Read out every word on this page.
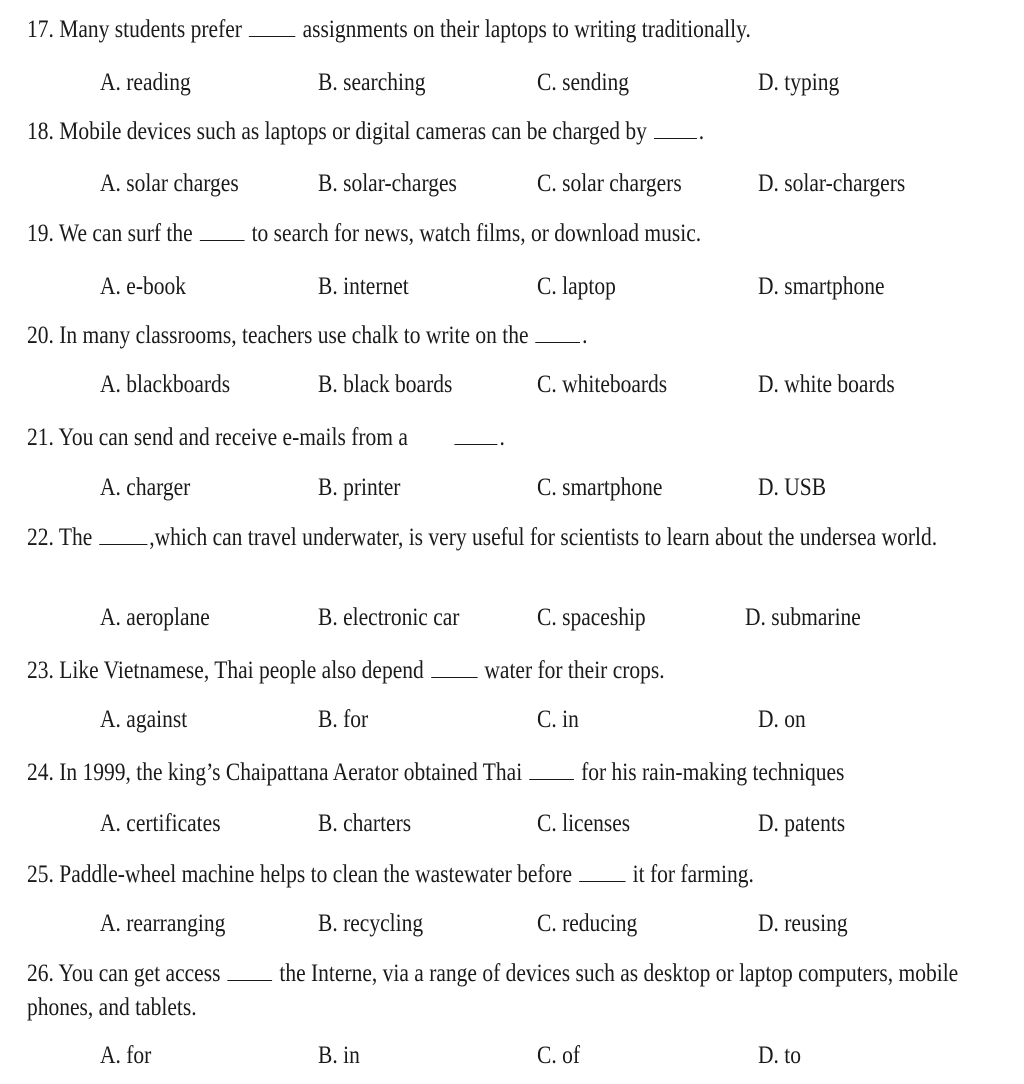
17. Many students prefer assignments on their laptops to writing traditionally.
A. reading	B. searching	C. sending	D. typing
18. Mobile devices such as laptops or digital cameras can be charged by .
A. solar charges	B. solar-charges	C. solar chargers	D. solar-chargers
19. We can surf the to search for news, watch films, or download music.
A. e-book	B. internet	C. laptop	D. smartphone
20. In many classrooms, teachers use chalk to write on the .
A. blackboards	B. black boards	C. whiteboards	D. white boards
21. You can send and receive e-mails from a	.
A. charger	B. printer	C. smartphone	D. USB
22. The ,which can travel underwater, is very useful for scientists to learn about the undersea world.
A. aeroplane	B. electronic car	C. spaceship	D. submarine
23. Like Vietnamese, Thai people also depend water for their crops.
A. against	B. for	C. in	D. on
24. In 1999, the king’s Chaipattana Aerator obtained Thai for his rain-making techniques
A. certificates	B. charters	C. licenses	D. patents
25. Paddle-wheel machine helps to clean the wastewater before it for farming.
A. rearranging	B. recycling	C. reducing	D. reusing
26. You can get access the Interne, via a range of devices such as desktop or laptop computers, mobile phones, and tablets.
A. for	B. in	C. of	D. to
